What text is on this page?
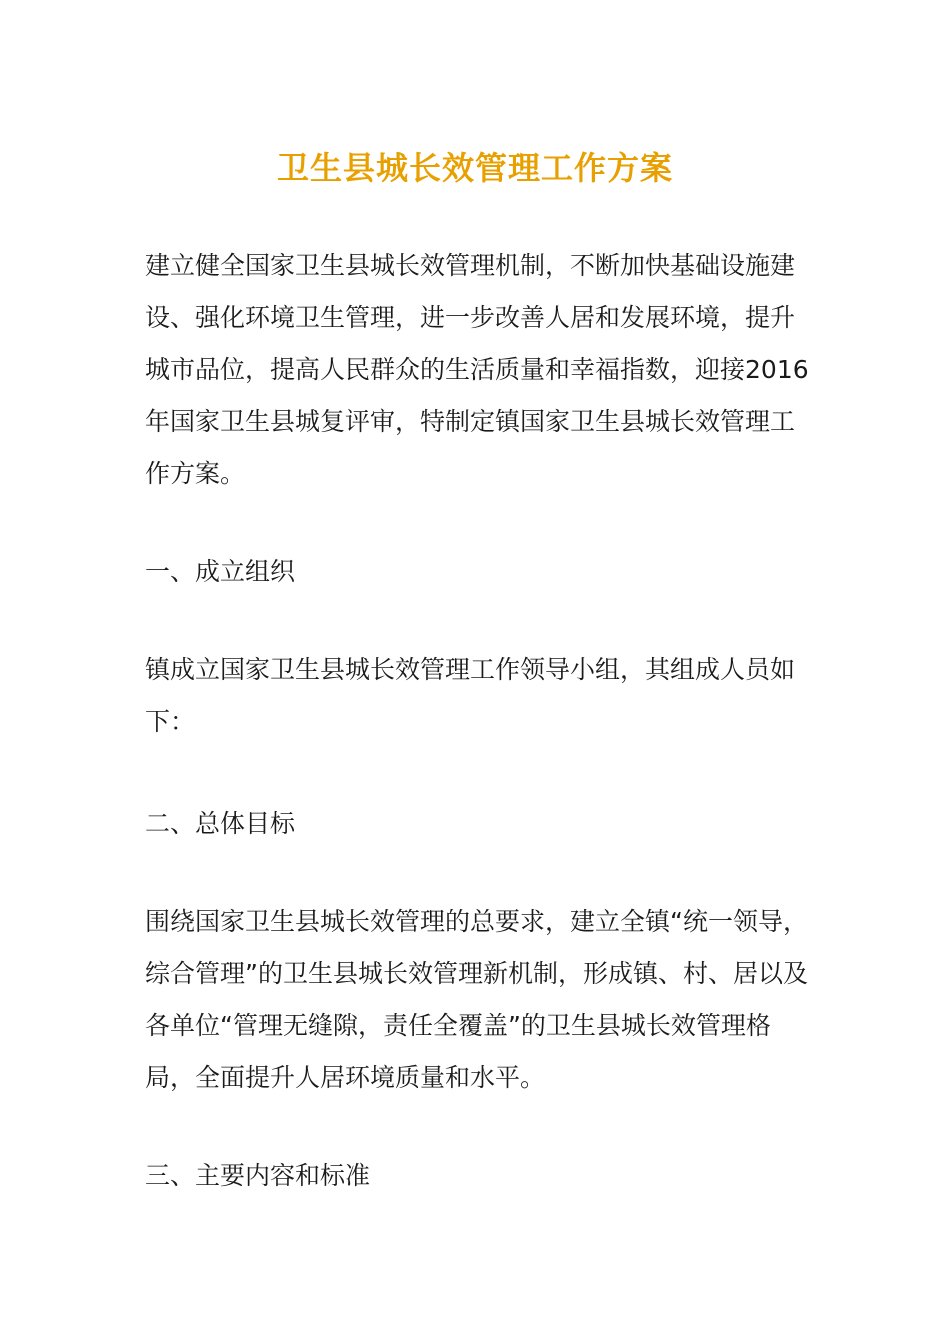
卫生县城长效管理工作方案

建立健全国家卫生县城长效管理机制，不断加快基础设施建设、强化环境卫生管理，进一步改善人居和发展环境，提升城市品位，提高人民群众的生活质量和幸福指数，迎接2016年国家卫生县城复评审，特制定镇国家卫生县城长效管理工作方案。

一、成立组织

镇成立国家卫生县城长效管理工作领导小组，其组成人员如下：

二、总体目标

围绕国家卫生县城长效管理的总要求，建立全镇“统一领导，综合管理”的卫生县城长效管理新机制，形成镇、村、居以及各单位“管理无缝隙，责任全覆盖”的卫生县城长效管理格局，全面提升人居环境质量和水平。

三、主要内容和标准
